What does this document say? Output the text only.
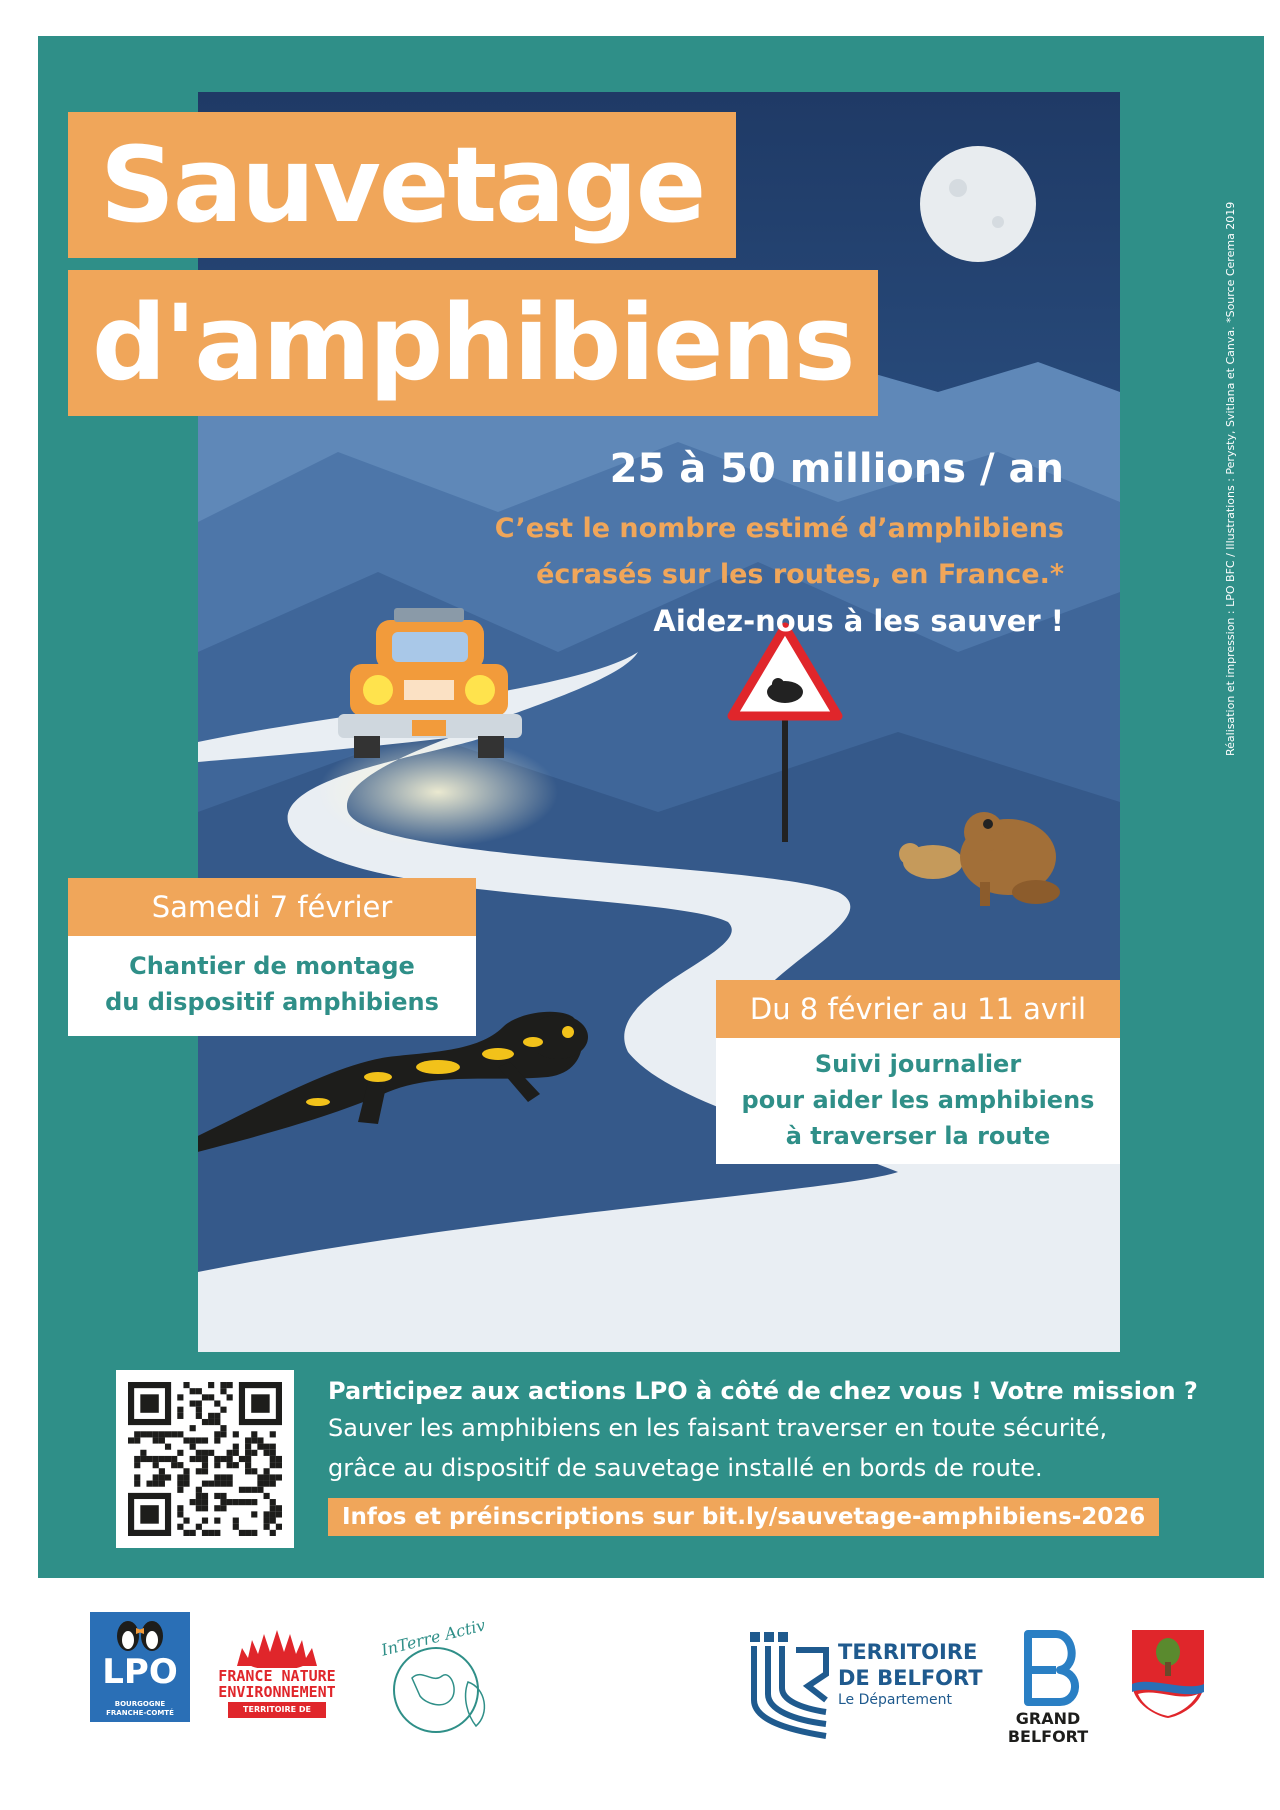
Sauvetage
d'amphibiens
25 à 50 millions / an
C’est le nombre estimé d’amphibiens
écrasés sur les routes, en France.*
Aidez-nous à les sauver !
Samedi 7 février
Chantier de montage
du dispositif amphibiens	Du 8 février au 11 avril
Suivi journalier
pour aider les amphibiens
à traverser la route
Participez aux actions LPO à côté de chez vous ! Votre mission ?
Sauver les amphibiens en les faisant traverser en toute sécurité,
grâce au dispositif de sauvetage installé en bords de route.
Infos et préinscriptions sur bit.ly/sauvetage-amphibiens-2026
Réalisation et impression : LPO BFC / Illustrations : Perysty, Svitlana et Canva. *Source Cerema 2019
LPO
BOURGOGNE
FRANCHE-COMTÉ
FRANCE NATURE
ENVIRONNEMENT
TERRITOIRE DE BELFORT
InTerre Activ	TERRITOIRE
DE BELFORT
Le Département
GRAND
BELFORT
